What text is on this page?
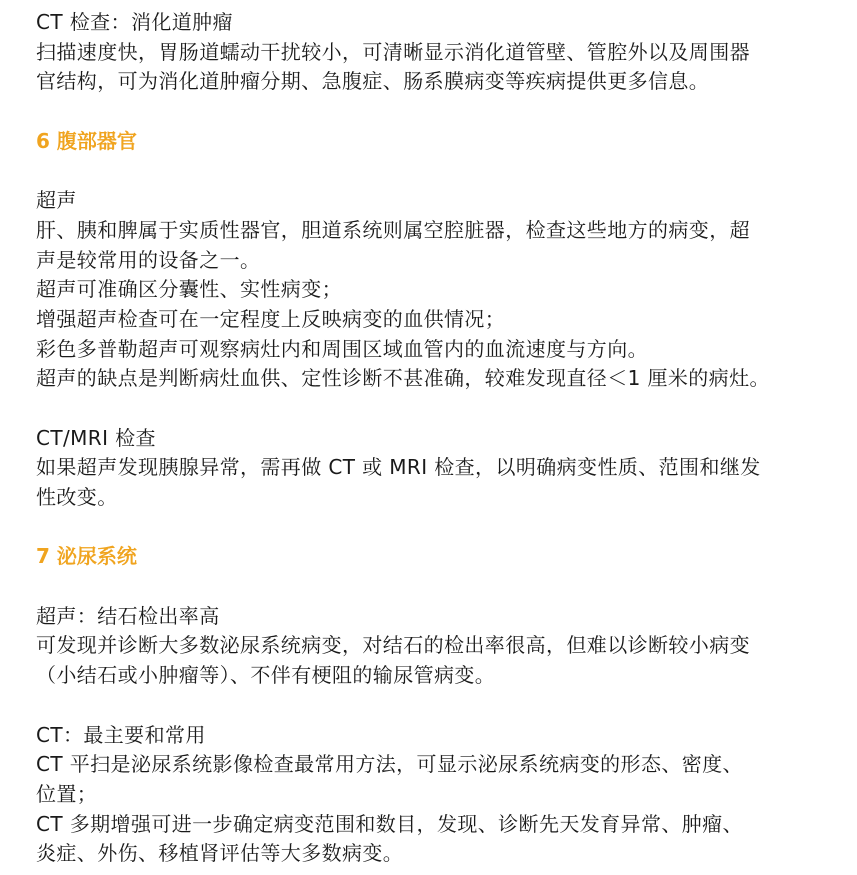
CT 检查：消化道肿瘤
扫描速度快，胃肠道蠕动干扰较小，可清晰显示消化道管壁、管腔外以及周围器
官结构，可为消化道肿瘤分期、急腹症、肠系膜病变等疾病提供更多信息。
6 腹部器官
超声
肝、胰和脾属于实质性器官，胆道系统则属空腔脏器，检查这些地方的病变，超
声是较常用的设备之一。
超声可准确区分囊性、实性病变；
增强超声检查可在一定程度上反映病变的血供情况；
彩色多普勒超声可观察病灶内和周围区域血管内的血流速度与方向。
超声的缺点是判断病灶血供、定性诊断不甚准确，较难发现直径＜1 厘米的病灶。
CT/MRI 检查
如果超声发现胰腺异常，需再做 CT 或 MRI 检查，以明确病变性质、范围和继发
性改变。
7 泌尿系统
超声：结石检出率高
可发现并诊断大多数泌尿系统病变，对结石的检出率很高，但难以诊断较小病变
（小结石或小肿瘤等）、不伴有梗阻的输尿管病变。
CT：最主要和常用
CT 平扫是泌尿系统影像检查最常用方法，可显示泌尿系统病变的形态、密度、
位置；
CT 多期增强可进一步确定病变范围和数目，发现、诊断先天发育异常、肿瘤、
炎症、外伤、移植肾评估等大多数病变。
